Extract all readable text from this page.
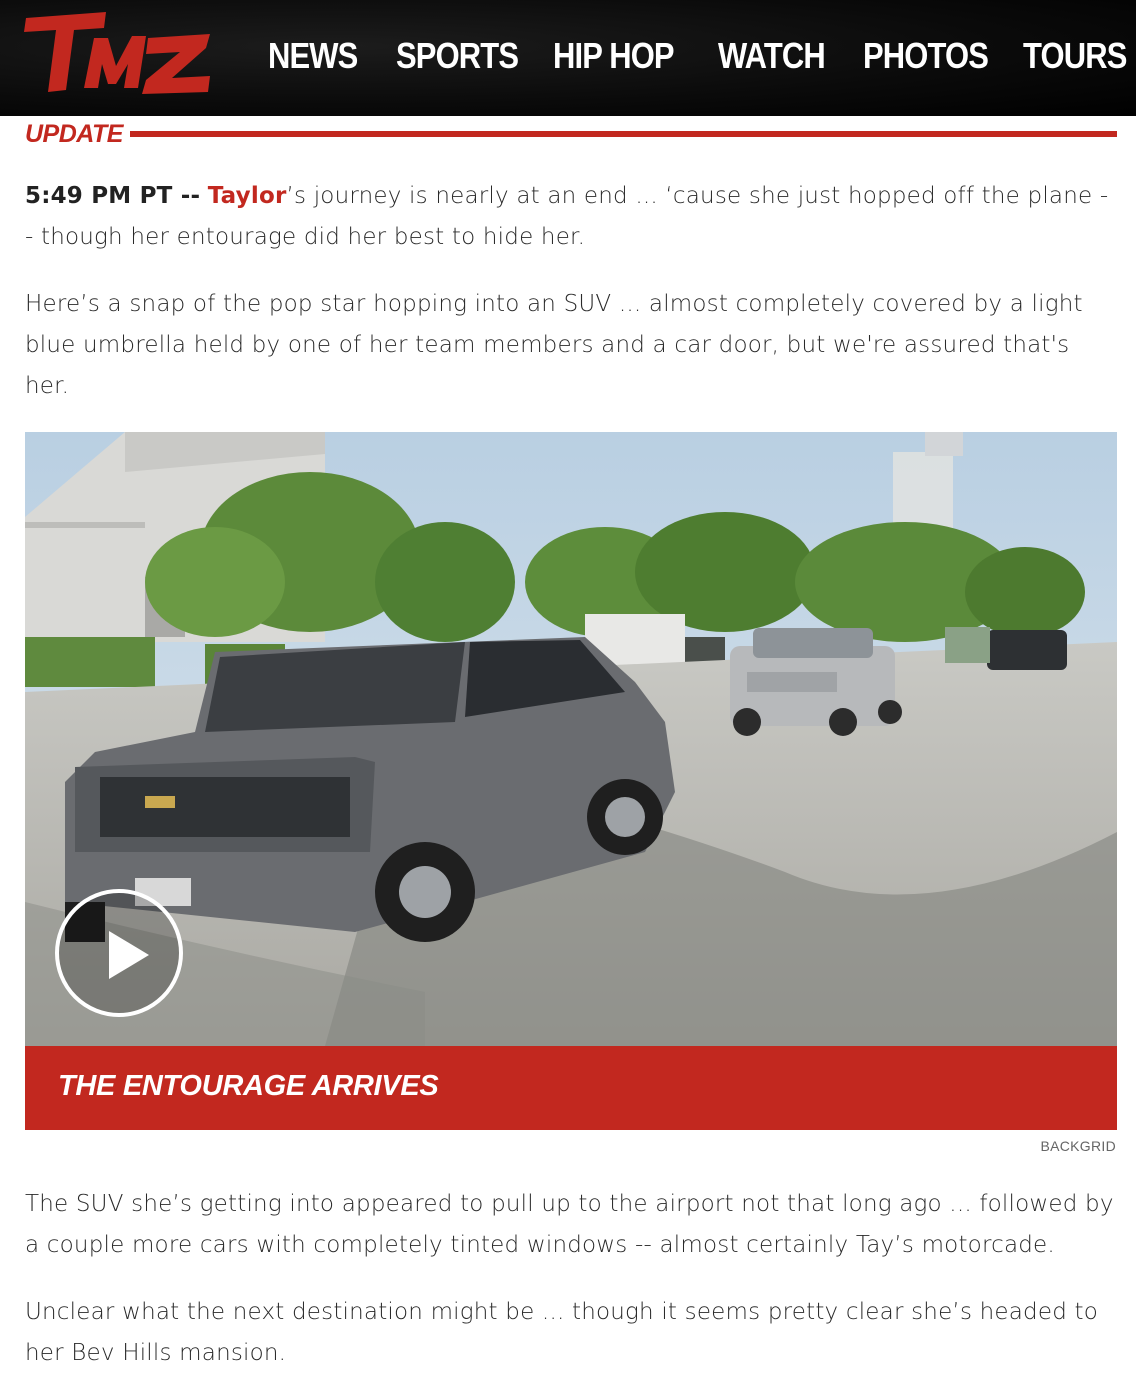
NEWS	SPORTS HIP HOP	WATCH	PHOTOS TOURS
UPDATE

5:49 PM PT -- Taylor’s journey is nearly at an end ... ‘cause she just hopped off the plane -- though her entourage did her best to hide her.

Here’s a snap of the pop star hopping into an SUV ... almost completely covered by a light blue umbrella held by one of her team members and a car door, but we're assured that's her.

THE ENTOURAGE ARRIVES
BACKGRID

The SUV she’s getting into appeared to pull up to the airport not that long ago ... followed by a couple more cars with completely tinted windows -- almost certainly Tay’s motorcade.

Unclear what the next destination might be ... though it seems pretty clear she’s headed to her Bev Hills mansion.
